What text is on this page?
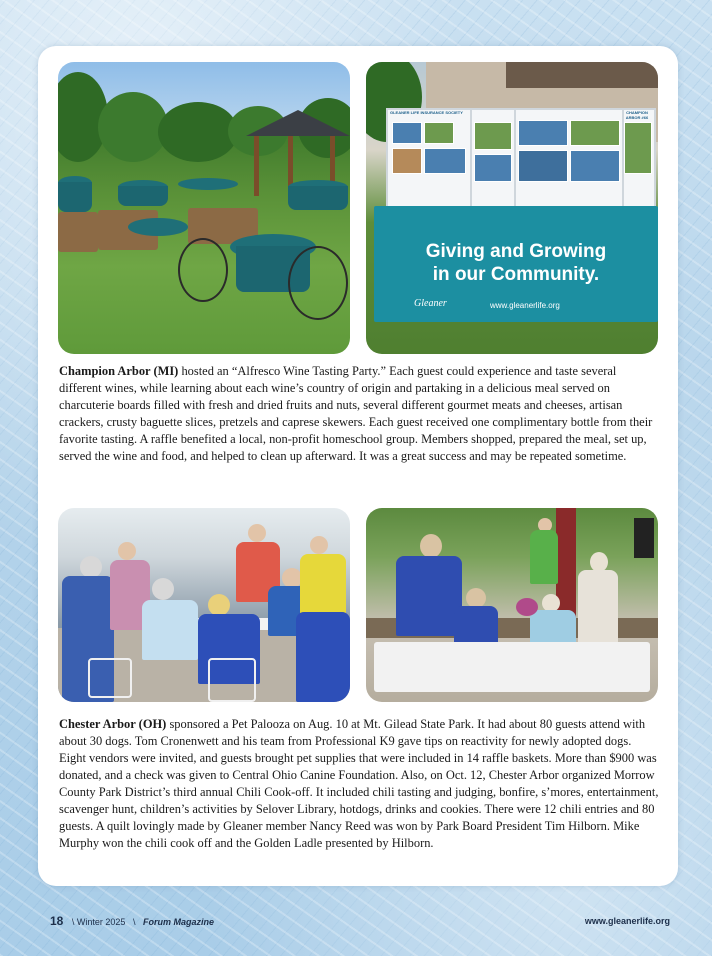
GLEANER LIFE INSURANCE SOCIETY	CHAMPION ARBOR #66
Giving and Growing
in our Community.
Gleaner	www.gleanerlife.org

Champion Arbor (MI) hosted an “Alfresco Wine Tasting Party.” Each guest could experience and taste several different wines, while learning about each wine’s country of origin and partaking in a delicious meal served on charcuterie boards filled with fresh and dried fruits and nuts, several different gourmet meats and cheeses, artisan crackers, crusty baguette slices, pretzels and caprese skewers. Each guest received one complimentary bottle from their favorite tasting. A raffle benefited a local, non-profit homeschool group. Members shopped, prepared the meal, set up, served the wine and food, and helped to clean up afterward. It was a great success and may be repeated sometime.

Chester Arbor (OH) sponsored a Pet Palooza on Aug. 10 at Mt. Gilead State Park. It had about 80 guests attend with about 30 dogs. Tom Cronenwett and his team from Professional K9 gave tips on reactivity for newly adopted dogs. Eight vendors were invited, and guests brought pet supplies that were included in 14 raffle baskets. More than $900 was donated, and a check was given to Central Ohio Canine Foundation. Also, on Oct. 12, Chester Arbor organized Morrow County Park District’s third annual Chili Cook-off. It included chili tasting and judging, bonfire, s’mores, entertainment, scavenger hunt, children’s activities by Selover Library, hotdogs, drinks and cookies. There were 12 chili entries and 80 guests. A quilt lovingly made by Gleaner member Nancy Reed was won by Park Board President Tim Hilborn. Mike Murphy won the chili cook off and the Golden Ladle presented by Hilborn.

18 \ Winter 2025 \ Forum Magazine	www.gleanerlife.org
